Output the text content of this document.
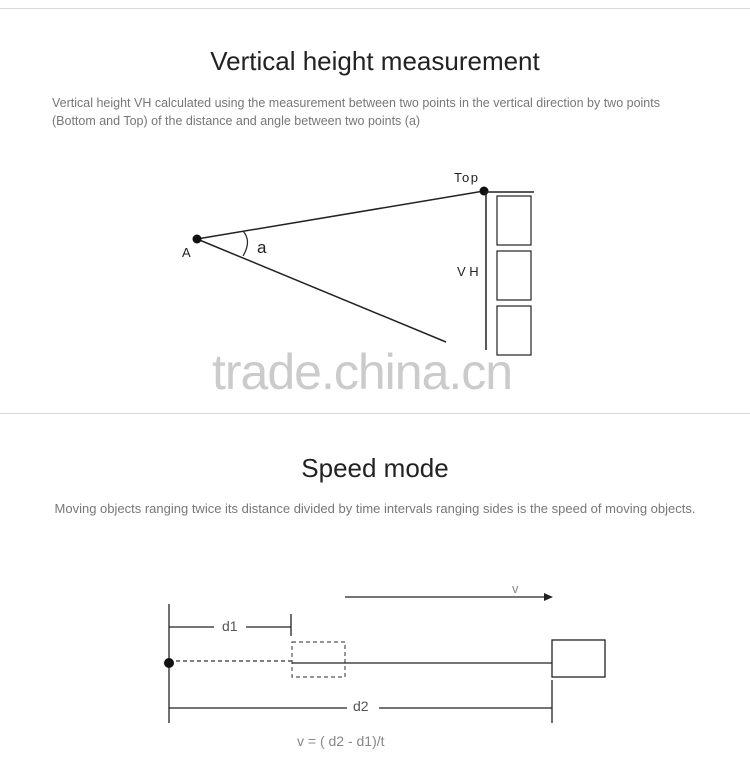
Vertical height measurement
Vertical height VH calculated using the measurement between two points in the vertical direction by two points
(Bottom and Top) of the distance and angle between two points (a)
A	a
Top
V H
trade.china.cn
Speed mode
Moving objects ranging twice its distance divided by time intervals ranging sides is the speed of moving objects.
v
d1
d2
v = ( d2 - d1)/t
